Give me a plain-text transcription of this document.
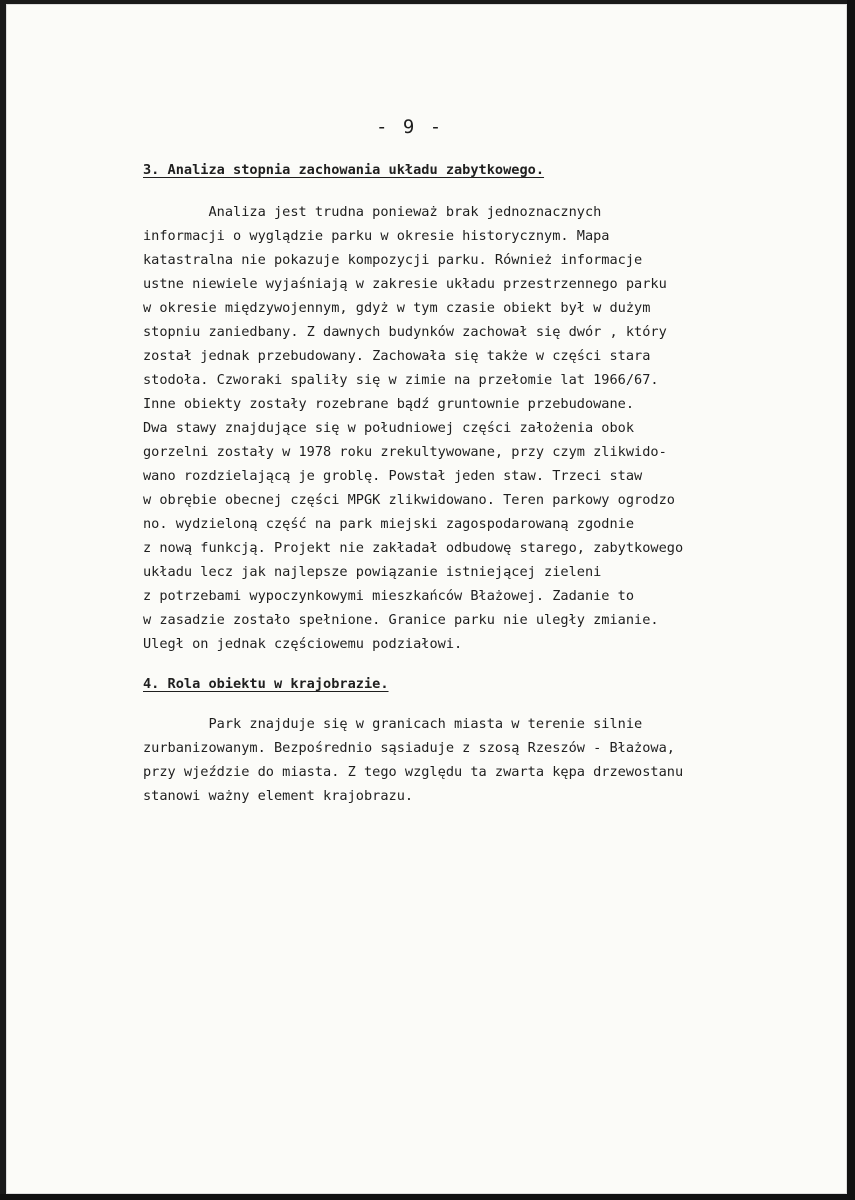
- 9 -
3. Analiza stopnia zachowania układu zabytkowego.
Analiza jest trudna ponieważ brak jednoznacznych
informacji o wyglądzie parku w okresie historycznym. Mapa
katastralna nie pokazuje kompozycji parku. Również informacje
ustne niewiele wyjaśniają w zakresie układu przestrzennego parku
w okresie międzywojennym, gdyż w tym czasie obiekt był w dużym
stopniu zaniedbany. Z dawnych budynków zachował się dwór , który
został jednak przebudowany. Zachowała się także w części stara
stodoła. Czworaki spaliły się w zimie na przełomie lat 1966/67.
Inne obiekty zostały rozebrane bądź gruntownie przebudowane.
Dwa stawy znajdujące się w południowej części założenia obok
gorzelni zostały w 1978 roku zrekultywowane, przy czym zlikwido-
wano rozdzielającą je groblę. Powstał jeden staw. Trzeci staw
w obrębie obecnej części MPGK zlikwidowano. Teren parkowy ogrodzo
no. wydzieloną część na park miejski zagospodarowaną zgodnie
z nową funkcją. Projekt nie zakładał odbudowę starego, zabytkowego
układu lecz jak najlepsze powiązanie istniejącej zieleni
z potrzebami wypoczynkowymi mieszkańców Błażowej. Zadanie to
w zasadzie zostało spełnione. Granice parku nie uległy zmianie.
Uległ on jednak częściowemu podziałowi.
4. Rola obiektu w krajobrazie.
Park znajduje się w granicach miasta w terenie silnie
zurbanizowanym. Bezpośrednio sąsiaduje z szosą Rzeszów - Błażowa,
przy wjeździe do miasta. Z tego względu ta zwarta kępa drzewostanu
stanowi ważny element krajobrazu.
